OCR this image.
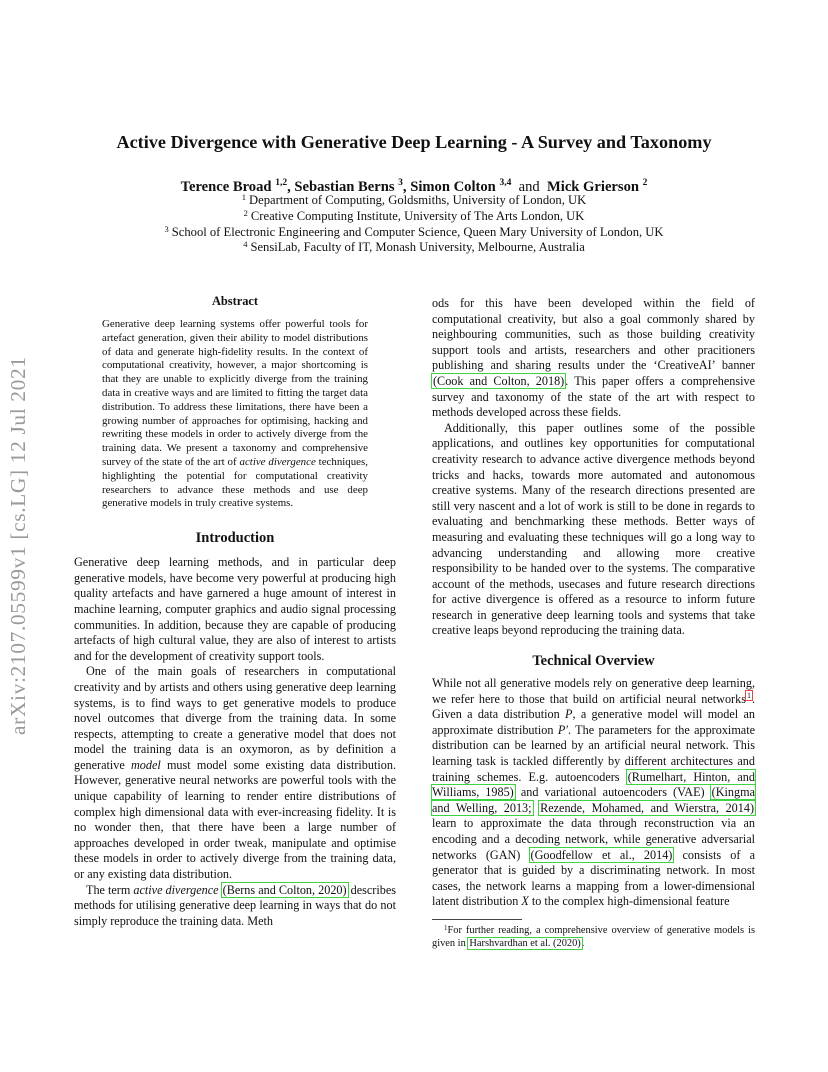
arXiv:2107.05599v1 [cs.LG] 12 Jul 2021
Active Divergence with Generative Deep Learning - A Survey and Taxonomy
Terence Broad $^{1,2}$, Sebastian Berns $^3$, Simon Colton $^{3,4}$ and Mick Grierson $^2$
$^1$ Department of Computing, Goldsmiths, University of London, UK
$^2$ Creative Computing Institute, University of The Arts London, UK
$^3$ School of Electronic Engineering and Computer Science, Queen Mary University of London, UK
$^4$ SensiLab, Faculty of IT, Monash University, Melbourne, Australia
Abstract

Generative deep learning systems offer powerful tools for artefact generation, given their ability to model distributions of data and generate high-fidelity results. In the context of computational creativity, however, a major shortcoming is that they are unable to explicitly diverge from the training data in creative ways and are limited to fitting the target data distribution. To address these limitations, there have been a growing number of approaches for optimising, hacking and rewriting these models in order to actively diverge from the training data. We present a taxonomy and comprehensive survey of the state of the art of active divergence techniques, highlighting the potential for computational creativity researchers to advance these methods and use deep generative models in truly creative systems.

Introduction

Generative deep learning methods, and in particular deep generative models, have become very powerful at producing high quality artefacts and have garnered a huge amount of interest in machine learning, computer graphics and audio signal processing communities. In addition, because they are capable of producing artefacts of high cultural value, they are also of interest to artists and for the development of creativity support tools.

One of the main goals of researchers in computational creativity and by artists and others using generative deep learning systems, is to find ways to get generative models to produce novel outcomes that diverge from the training data. In some respects, attempting to create a generative model that does not model the training data is an oxymoron, as by definition a generative model must model some existing data distribution. However, generative neural networks are powerful tools with the unique capability of learning to render entire distributions of complex high dimensional data with ever-increasing fidelity. It is no wonder then, that there have been a large number of approaches developed in order tweak, manipulate and optimise these models in order to actively diverge from the training data, or any existing data distribution.

The term active divergence (Berns and Colton, 2020) describes methods for utilising generative deep learning in ways that do not simply reproduce the training data. Meth

ods for this have been developed within the field of computational creativity, but also a goal commonly shared by neighbouring communities, such as those building creativity support tools and artists, researchers and other pracitioners publishing and sharing results under the ‘CreativeAI’ banner (Cook and Colton, 2018). This paper offers a comprehensive survey and taxonomy of the state of the art with respect to methods developed across these fields.

Additionally, this paper outlines some of the possible applications, and outlines key opportunities for computational creativity research to advance active divergence methods beyond tricks and hacks, towards more automated and autonomous creative systems. Many of the research directions presented are still very nascent and a lot of work is still to be done in regards to evaluating and benchmarking these methods. Better ways of measuring and evaluating these techniques will go a long way to advancing understanding and allowing more creative responsibility to be handed over to the systems. The comparative account of the methods, usecases and future research directions for active divergence is offered as a resource to inform future research in generative deep learning tools and systems that take creative leaps beyond reproducing the training data.

Technical Overview

While not all generative models rely on generative deep learning, we refer here to those that build on artificial neural networks$^1$. Given a data distribution P, a generative model will model an approximate distribution P′. The parameters for the approximate distribution can be learned by an artificial neural network. This learning task is tackled differently by different architectures and training schemes. E.g. autoencoders (Rumelhart, Hinton, and Williams, 1985) and variational autoencoders (VAE) (Kingma and Welling, 2013; Rezende, Mohamed, and Wierstra, 2014) learn to approximate the data through reconstruction via an encoding and a decoding network, while generative adversarial networks (GAN) (Goodfellow et al., 2014) consists of a generator that is guided by a discriminating network. In most cases, the network learns a mapping from a lower-dimensional latent distribution X to the complex high-dimensional feature

$^1$For further reading, a comprehensive overview of generative models is given in Harshvardhan et al. (2020).
